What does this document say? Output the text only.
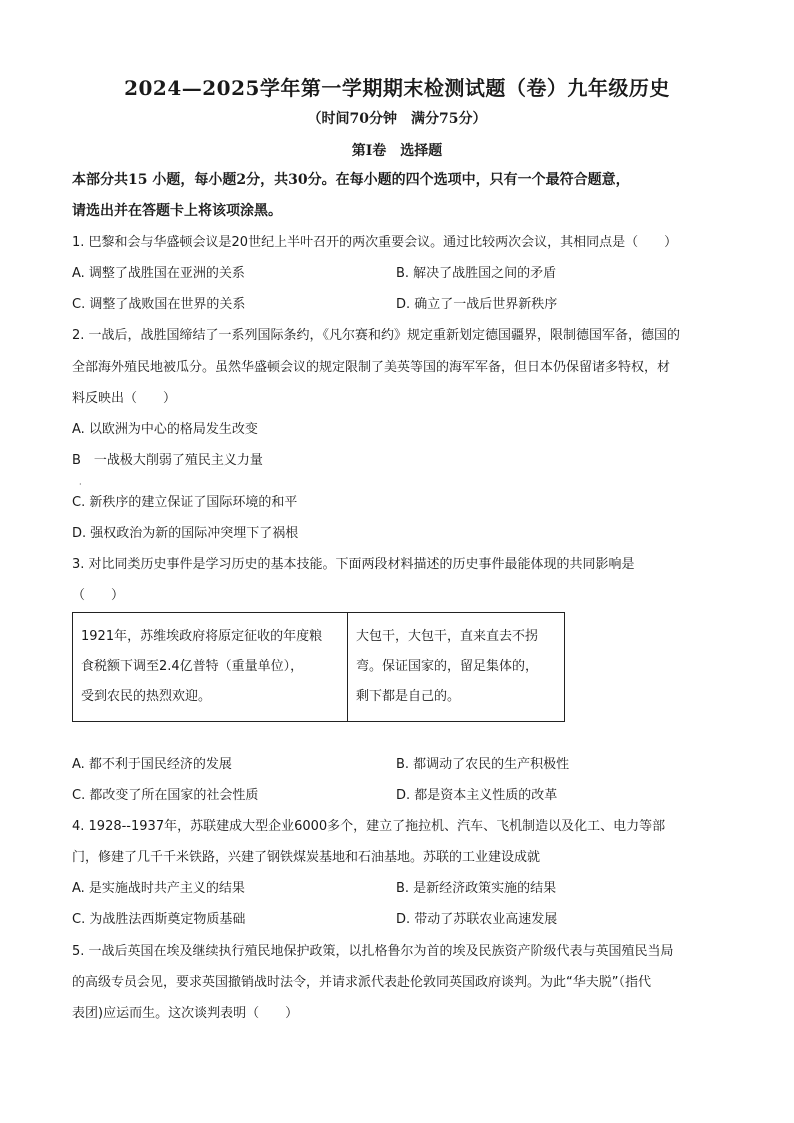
2024—2025学年第一学期期末检测试题（卷）九年级历史
（时间70分钟　满分75分）
第Ⅰ卷　选择题
本部分共15 小题，每小题2分，共30分。在每小题的四个选项中，只有一个最符合题意，
请选出并在答题卡上将该项涂黑。
1. 巴黎和会与华盛顿会议是20世纪上半叶召开的两次重要会议。通过比较两次会议，其相同点是（　　）
A. 调整了战胜国在亚洲的关系	B. 解决了战胜国之间的矛盾
C. 调整了战败国在世界的关系	D. 确立了一战后世界新秩序
2. 一战后，战胜国缔结了一系列国际条约，《凡尔赛和约》规定重新划定德国疆界，限制德国军备，德国的
全部海外殖民地被瓜分。虽然华盛顿会议的规定限制了美英等国的海军军备，但日本仍保留诸多特权，材
料反映出（　　）
A. 以欧洲为中心的格局发生改变
B　一战极大削弱了殖民主义力量
·
C. 新秩序的建立保证了国际环境的和平
D. 强权政治为新的国际冲突埋下了祸根
3. 对比同类历史事件是学习历史的基本技能。下面两段材料描述的历史事件最能体现的共同影响是
（　　）
1921年，苏维埃政府将原定征收的年度粮
食税额下调至2.4亿普特（重量单位），
受到农民的热烈欢迎。

大包干，大包干，直来直去不拐
弯。保证国家的，留足集体的，
剩下都是自己的。
A. 都不利于国民经济的发展	B. 都调动了农民的生产积极性
C. 都改变了所在国家的社会性质	D. 都是资本主义性质的改革
4. 1928--1937年，苏联建成大型企业6000多个，建立了拖拉机、汽车、飞机制造以及化工、电力等部
门，修建了几千千米铁路，兴建了钢铁煤炭基地和石油基地。苏联的工业建设成就
A. 是实施战时共产主义的结果	B. 是新经济政策实施的结果
C. 为战胜法西斯奠定物质基础	D. 带动了苏联农业高速发展
5. 一战后英国在埃及继续执行殖民地保护政策，以扎格鲁尔为首的埃及民族资产阶级代表与英国殖民当局
的高级专员会见，要求英国撤销战时法令，并请求派代表赴伦敦同英国政府谈判。为此“华夫脱”（指代
表团)应运而生。这次谈判表明（　　）
